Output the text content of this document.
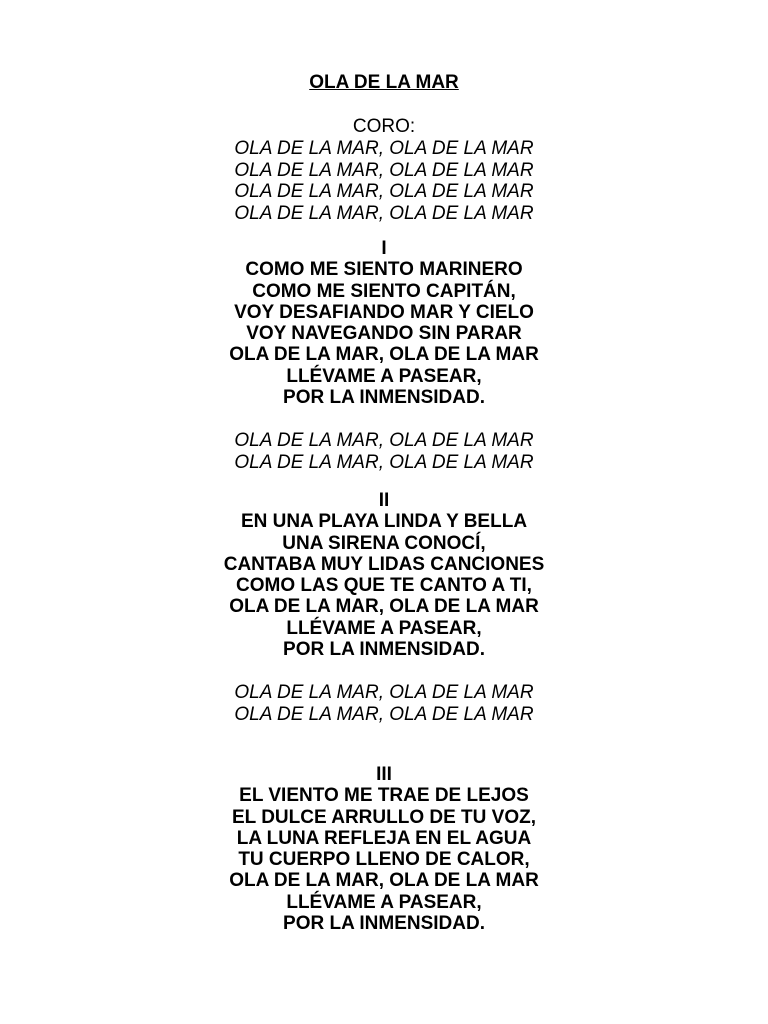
OLA DE LA MAR
CORO:
OLA DE LA MAR, OLA DE LA MAR
OLA DE LA MAR, OLA DE LA MAR
OLA DE LA MAR, OLA DE LA MAR
OLA DE LA MAR, OLA DE LA MAR
I
COMO ME SIENTO MARINERO
COMO ME SIENTO CAPITÁN,
VOY DESAFIANDO MAR Y CIELO
VOY NAVEGANDO SIN PARAR
OLA DE LA MAR, OLA DE LA MAR
LLÉVAME A PASEAR,
POR LA INMENSIDAD.
OLA DE LA MAR, OLA DE LA MAR
OLA DE LA MAR, OLA DE LA MAR
II
EN UNA PLAYA LINDA Y BELLA
UNA SIRENA CONOCÍ,
CANTABA MUY LIDAS CANCIONES
COMO LAS QUE TE CANTO A TI,
OLA DE LA MAR, OLA DE LA MAR
LLÉVAME A PASEAR,
POR LA INMENSIDAD.
OLA DE LA MAR, OLA DE LA MAR
OLA DE LA MAR, OLA DE LA MAR
III
EL VIENTO ME TRAE DE LEJOS
EL DULCE ARRULLO DE TU VOZ,
LA LUNA REFLEJA EN EL AGUA
TU CUERPO LLENO DE CALOR,
OLA DE LA MAR, OLA DE LA MAR
LLÉVAME A PASEAR,
POR LA INMENSIDAD.
